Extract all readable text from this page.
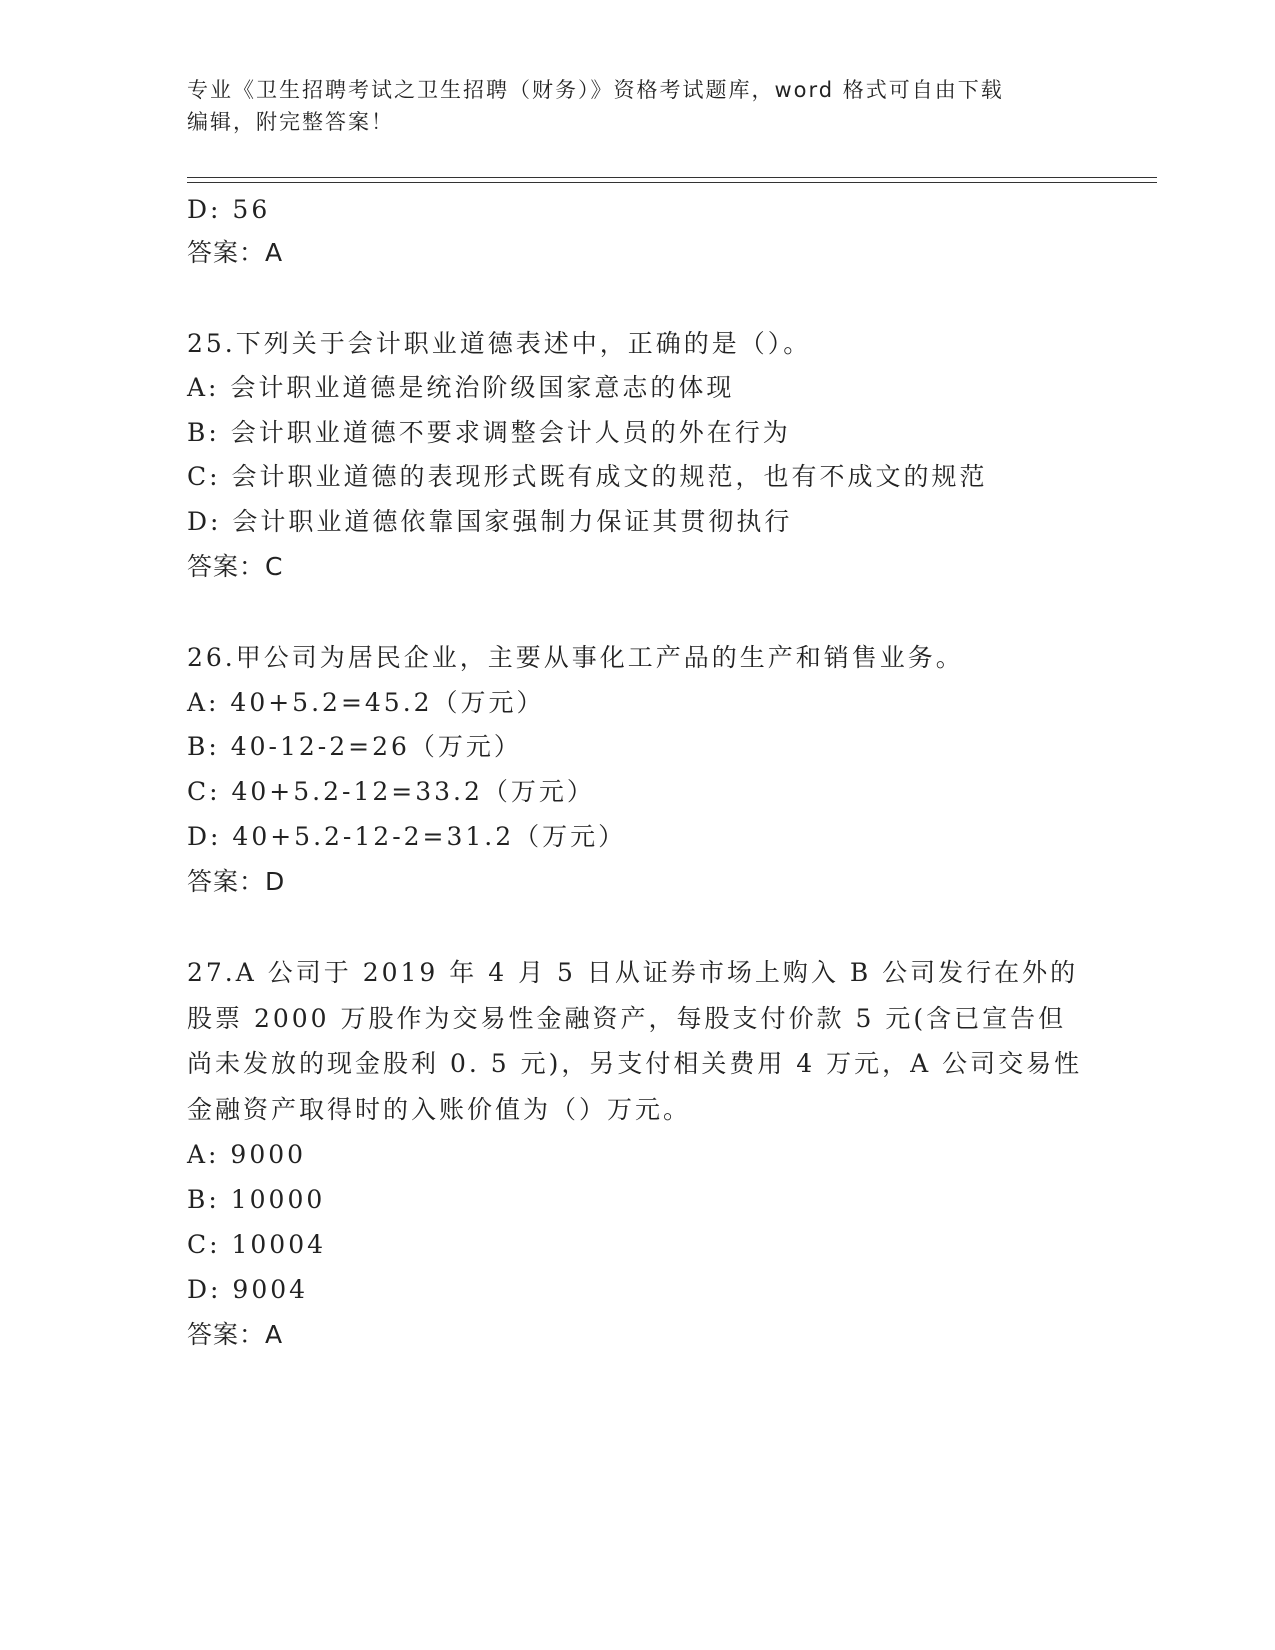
专业《卫生招聘考试之卫生招聘（财务）》资格考试题库，word 格式可自由下载
编辑，附完整答案！
D: 56
答案：A
25.下列关于会计职业道德表述中，正确的是（）。
A: 会计职业道德是统治阶级国家意志的体现
B: 会计职业道德不要求调整会计人员的外在行为
C: 会计职业道德的表现形式既有成文的规范，也有不成文的规范
D: 会计职业道德依靠国家强制力保证其贯彻执行
答案：C
26.甲公司为居民企业，主要从事化工产品的生产和销售业务。
A: 40+5.2=45.2（万元）
B: 40-12-2=26（万元）
C: 40+5.2-12=33.2（万元）
D: 40+5.2-12-2=31.2（万元）
答案：D
27.A 公司于 2019 年 4 月 5 日从证券市场上购入 B 公司发行在外的股票 2000 万股作为交易性金融资产，每股支付价款 5 元(含已宣告但尚未发放的现金股利 0. 5 元)，另支付相关费用 4 万元，A 公司交易性金融资产取得时的入账价值为（）万元。
A: 9000
B: 10000
C: 10004
D: 9004
答案：A
